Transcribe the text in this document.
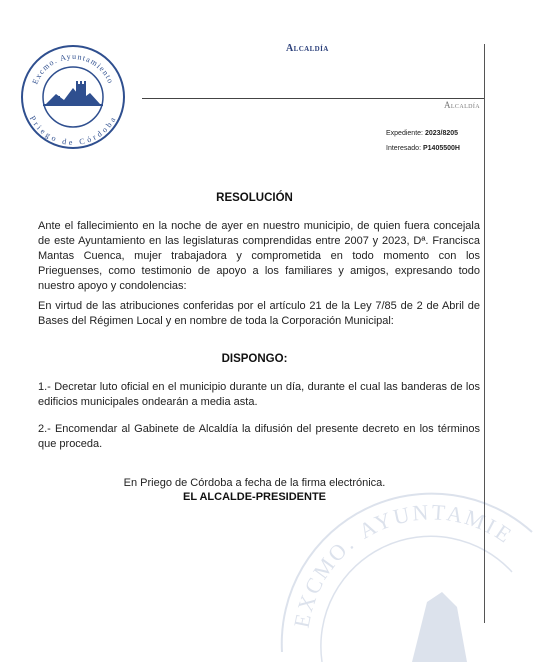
Excmo. Ayuntamiento
Priego de Córdoba
Alcaldía
Alcaldía
Expediente: 2023/8205
Interesado: P1405500H
RESOLUCIÓN

Ante el fallecimiento en la noche de ayer en nuestro municipio, de quien fuera concejala de este Ayuntamiento en las legislaturas comprendidas entre 2007 y 2023, Dª. Francisca Mantas Cuenca, mujer trabajadora y comprometida en todo momento con los Prieguenses, como testimonio de apoyo a los familiares y amigos, expresando todo nuestro apoyo y condolencias:

En virtud de las atribuciones conferidas por el artículo 21 de la Ley 7/85 de 2 de Abril de Bases del Régimen Local y en nombre de toda la Corporación Municipal:

DISPONGO:

1.- Decretar luto oficial en el municipio durante un día, durante el cual las banderas de los edificios municipales ondearán a media asta.

2.- Encomendar al Gabinete de Alcaldía la difusión del presente decreto en los términos que proceda.

En Priego de Córdoba a fecha de la firma electrónica.
EL ALCALDE-PRESIDENTE
EXCMO. AYUNTAMIE
